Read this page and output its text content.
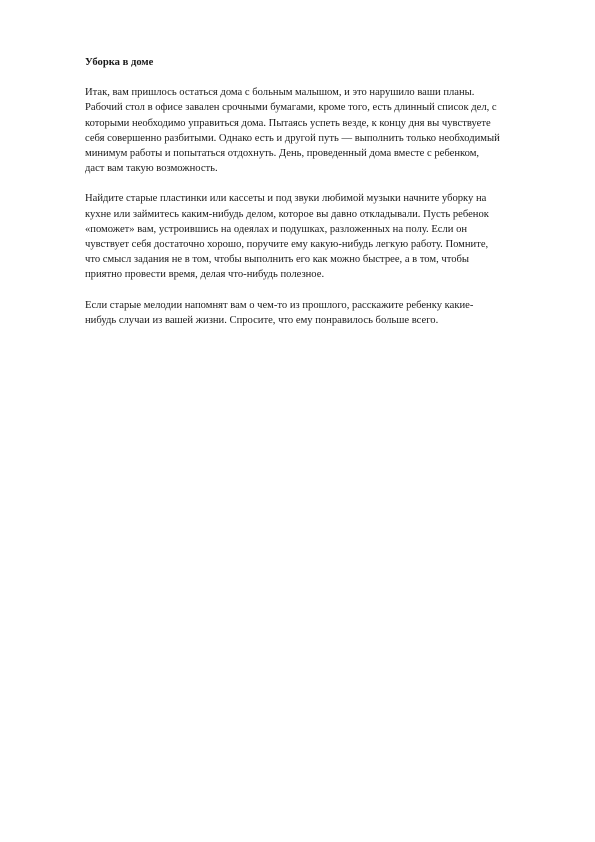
Уборка в доме
Итак, вам пришлось остаться дома с больным малышом, и это нарушило ваши планы.
Рабочий стол в офисе завален срочными бумагами, кроме того, есть длинный список дел, с
которыми необходимо управиться дома. Пытаясь успеть везде, к концу дня вы чувствуете
себя совершенно разбитыми. Однако есть и другой путь — выполнить только необходимый
минимум работы и попытаться отдохнуть. День, проведенный дома вместе с ребенком,
даст вам такую возможность.
Найдите старые пластинки или кассеты и под звуки любимой музыки начните уборку на
кухне или займитесь каким-нибудь делом, которое вы давно откладывали. Пусть ребенок
«поможет» вам, устроившись на одеялах и подушках, разложенных на полу. Если он
чувствует себя достаточно хорошо, поручите ему какую-нибудь легкую работу. Помните,
что смысл задания не в том, чтобы выполнить его как можно быстрее, а в том, чтобы
приятно провести время, делая что-нибудь полезное.
Если старые мелодии напомнят вам о чем-то из прошлого, расскажите ребенку какие-
нибудь случаи из вашей жизни. Спросите, что ему понравилось больше всего.
